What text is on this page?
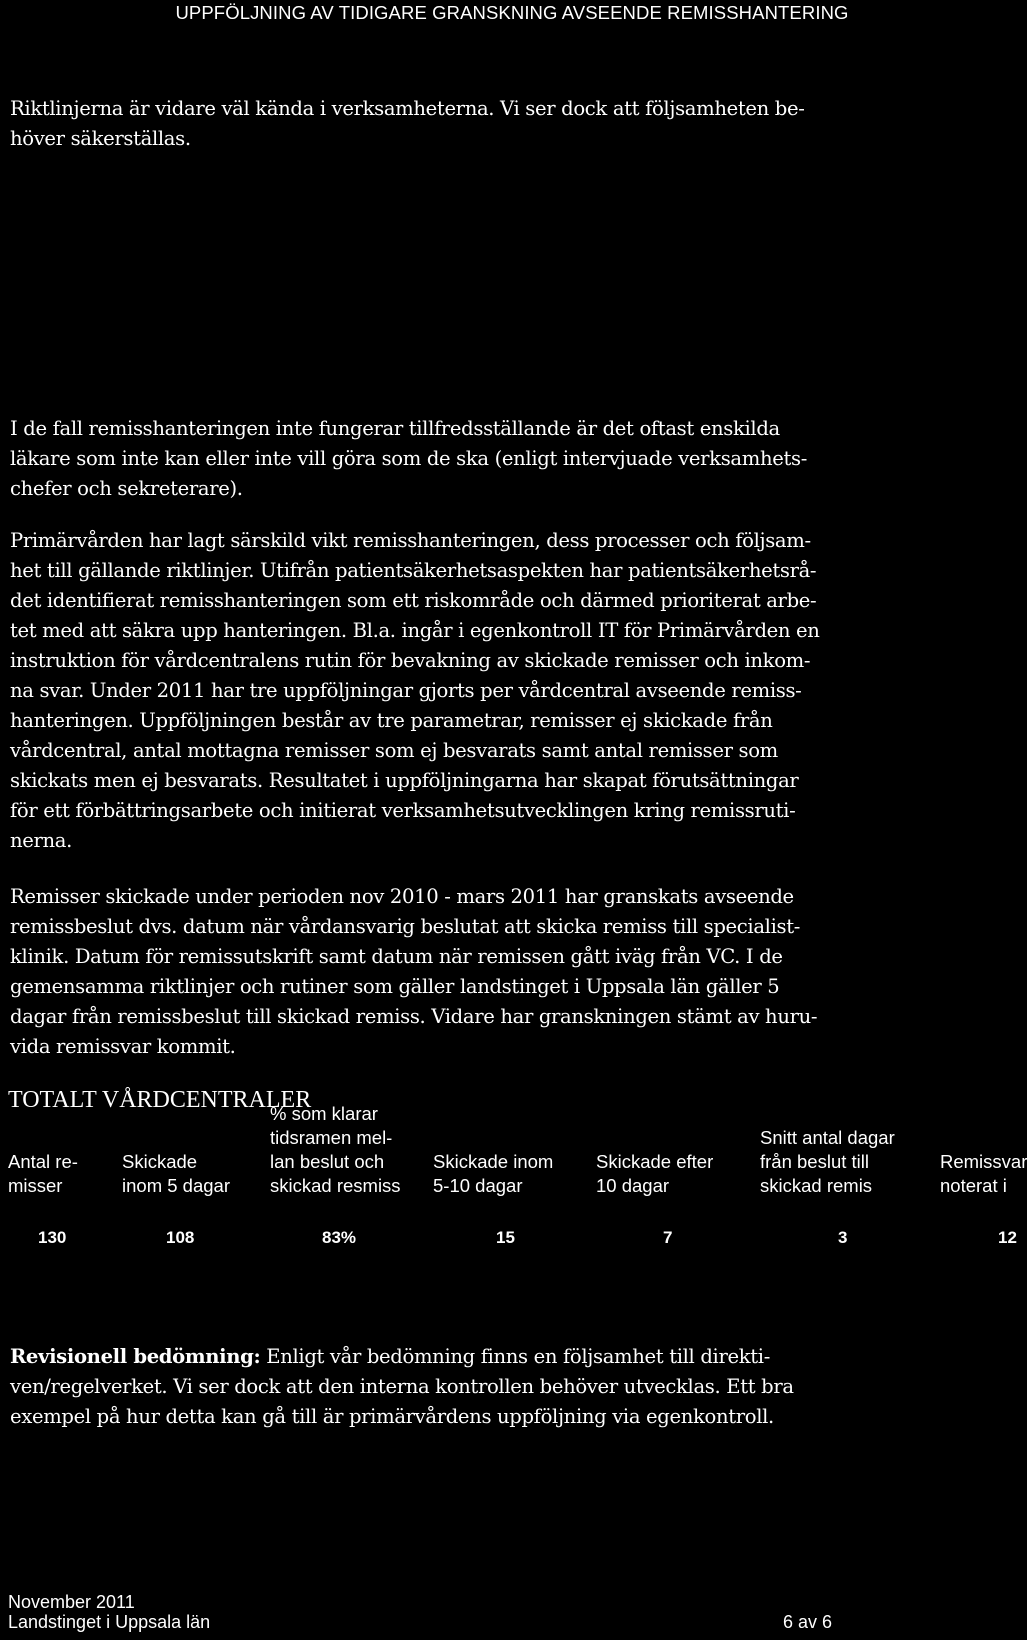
UPPFÖLJNING AV TIDIGARE GRANSKNING AVSEENDE REMISSHANTERING
Riktlinjerna är vidare väl kända i verksamheterna. Vi ser dock att följsamheten be-
höver säkerställas.
I de fall remisshanteringen inte fungerar tillfredsställande är det oftast enskilda
läkare som inte kan eller inte vill göra som de ska (enligt intervjuade verksamhets-
chefer och sekreterare).
Primärvården har lagt särskild vikt remisshanteringen, dess processer och följsam-
het till gällande riktlinjer. Utifrån patientsäkerhetsaspekten har patientsäkerhetsrå-
det identifierat remisshanteringen som ett riskområde och därmed prioriterat arbe-
tet med att säkra upp hanteringen. Bl.a. ingår i egenkontroll IT för Primärvården en
instruktion för vårdcentralens rutin för bevakning av skickade remisser och inkom-
na svar. Under 2011 har tre uppföljningar gjorts per vårdcentral avseende remiss-
hanteringen. Uppföljningen består av tre parametrar, remisser ej skickade från
vårdcentral, antal mottagna remisser som ej besvarats samt antal remisser som
skickats men ej besvarats. Resultatet i uppföljningarna har skapat förutsättningar
för ett förbättringsarbete och initierat verksamhetsutvecklingen kring remissruti-
nerna.
Remisser skickade under perioden nov 2010 - mars 2011 har granskats avseende
remissbeslut dvs. datum när vårdansvarig beslutat att skicka remiss till specialist-
klinik. Datum för remissutskrift samt datum när remissen gått iväg från VC. I de
gemensamma riktlinjer och rutiner som gäller landstinget i Uppsala län gäller 5
dagar från remissbeslut till skickad remiss. Vidare har granskningen stämt av huru-
vida remissvar kommit.
TOTALT VÅRDCENTRALER
Antal re-
misser
130
Skickade
inom 5 dagar
108
% som klarar
tidsramen mel-
lan beslut och
skickad resmiss
83%
Skickade inom
5-10 dagar
15
Skickade efter
10 dagar
7
Snitt antal dagar
från beslut till
skickad remis
3
Remissvar
noterat i
12
Revisionell bedömning: Enligt vår bedömning finns en följsamhet till direkti-
ven/regelverket. Vi ser dock att den interna kontrollen behöver utvecklas. Ett bra
exempel på hur detta kan gå till är primärvårdens uppföljning via egenkontroll.
November 2011
Landstinget i Uppsala län	6 av 6
